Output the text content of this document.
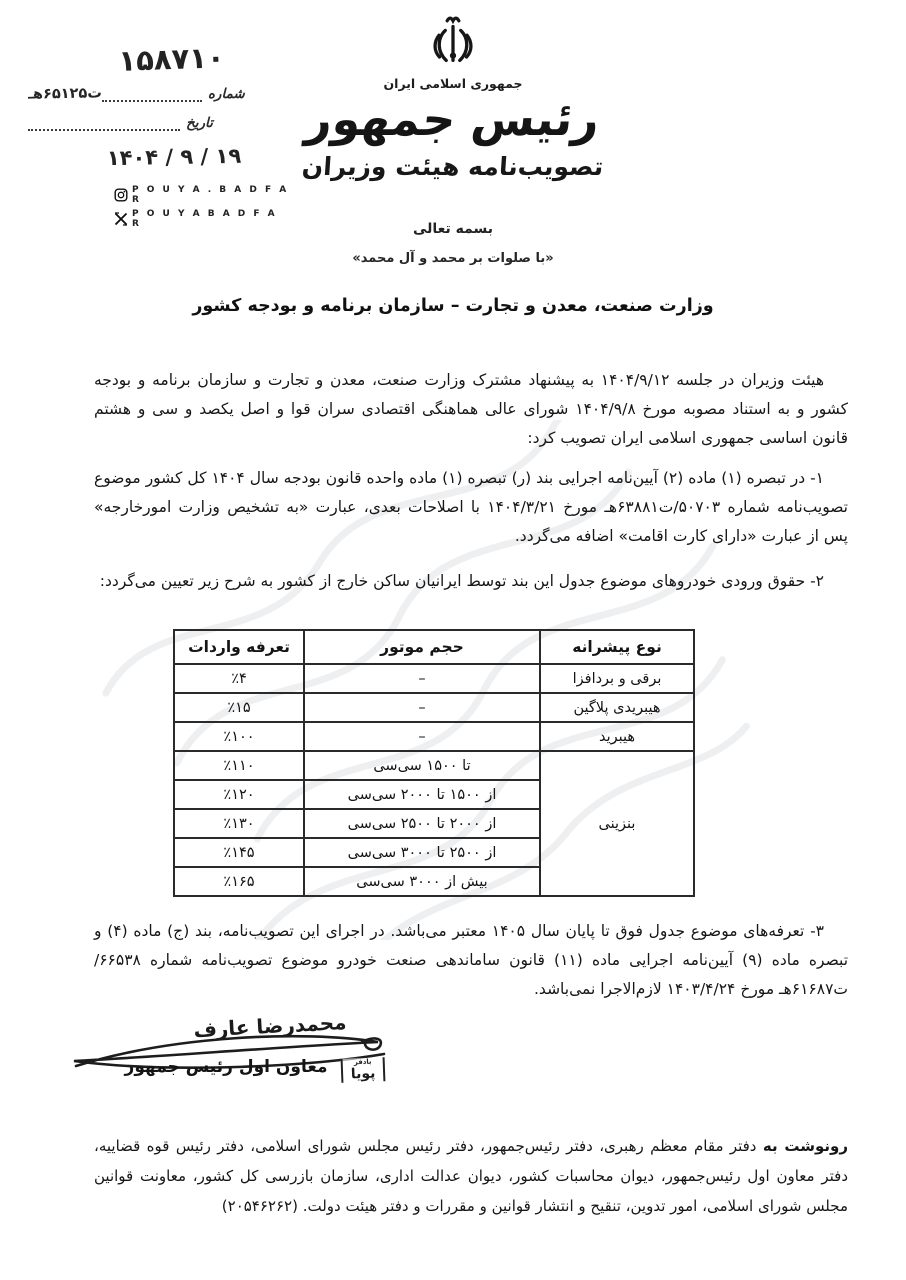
۱۵۸۷۱۰
شماره
ت۶۵۱۲۵هـ
تاریخ
۱۴۰۴ / ۹ / ۱۹
P O U Y A . B A D F A R
P O U Y A B A D F A R
جمهوری اسلامی ایران
رئیس جمهور
تصویب‌نامه هیئت وزیران
بسمه تعالی
«با صلوات بر محمد و آل محمد»
وزارت صنعت، معدن و تجارت – سازمان برنامه و بودجه کشور

هیئت وزیران در جلسه ۱۴۰۴/۹/۱۲ به پیشنهاد مشترک وزارت صنعت، معدن و تجارت و سازمان برنامه و بودجه کشور و به استناد مصوبه مورخ ۱۴۰۴/۹/۸ شورای عالی هماهنگی اقتصادی سران قوا و اصل یکصد و سی و هشتم قانون اساسی جمهوری اسلامی ایران تصویب کرد:

۱- در تبصره (۱) ماده (۲) آیین‌نامه اجرایی بند (ر) تبصره (۱) ماده واحده قانون بودجه سال ۱۴۰۴ کل کشور موضوع تصویب‌نامه شماره ۵۰۷۰۳/ت۶۳۸۸۱هـ مورخ ۱۴۰۴/۳/۲۱ با اصلاحات بعدی، عبارت «به تشخیص وزارت امورخارجه» پس از عبارت «دارای کارت اقامت» اضافه می‌گردد.

۲- حقوق ورودی خودروهای موضوع جدول این بند توسط ایرانیان ساکن خارج از کشور به شرح زیر تعیین می‌گردد:

نوع پیشرانه	حجم موتور	تعرفه واردات
برقی و بردافزا	–	٪۴
هیبریدی پلاگین	–	٪۱۵
هیبرید	–	٪۱۰۰
بنزینی	تا ۱۵۰۰ سی‌سی	٪۱۱۰
	از ۱۵۰۰ تا ۲۰۰۰ سی‌سی	٪۱۲۰
	از ۲۰۰۰ تا ۲۵۰۰ سی‌سی	٪۱۳۰
	از ۲۵۰۰ تا ۳۰۰۰ سی‌سی	٪۱۴۵
	بیش از ۳۰۰۰ سی‌سی	٪۱۶۵

۳- تعرفه‌های موضوع جدول فوق تا پایان سال ۱۴۰۵ معتبر می‌باشد. در اجرای این تصویب‌نامه، بند (ج) ماده (۴) و تبصره ماده (۹) آیین‌نامه اجرایی ماده (۱۱) قانون ساماندهی صنعت خودرو موضوع تصویب‌نامه شماره ۶۶۵۳۸/ت۶۱۶۸۷هـ مورخ ۱۴۰۳/۴/۲۴ لازم‌الاجرا نمی‌باشد.

محمدرضا عارف
معاون اول رئیس جمهور	بادفر
پویا

رونوشت به دفتر مقام معظم رهبری، دفتر رئیس‌جمهور، دفتر رئیس مجلس شورای اسلامی، دفتر رئیس قوه قضاییه، دفتر معاون اول رئیس‌جمهور، دیوان محاسبات کشور، دیوان عدالت اداری، سازمان بازرسی کل کشور، معاونت قوانین مجلس شورای اسلامی، امور تدوین، تنقیح و انتشار قوانین و مقررات و دفتر هیئت دولت. (۲۰۵۴۶۲۶۲)
